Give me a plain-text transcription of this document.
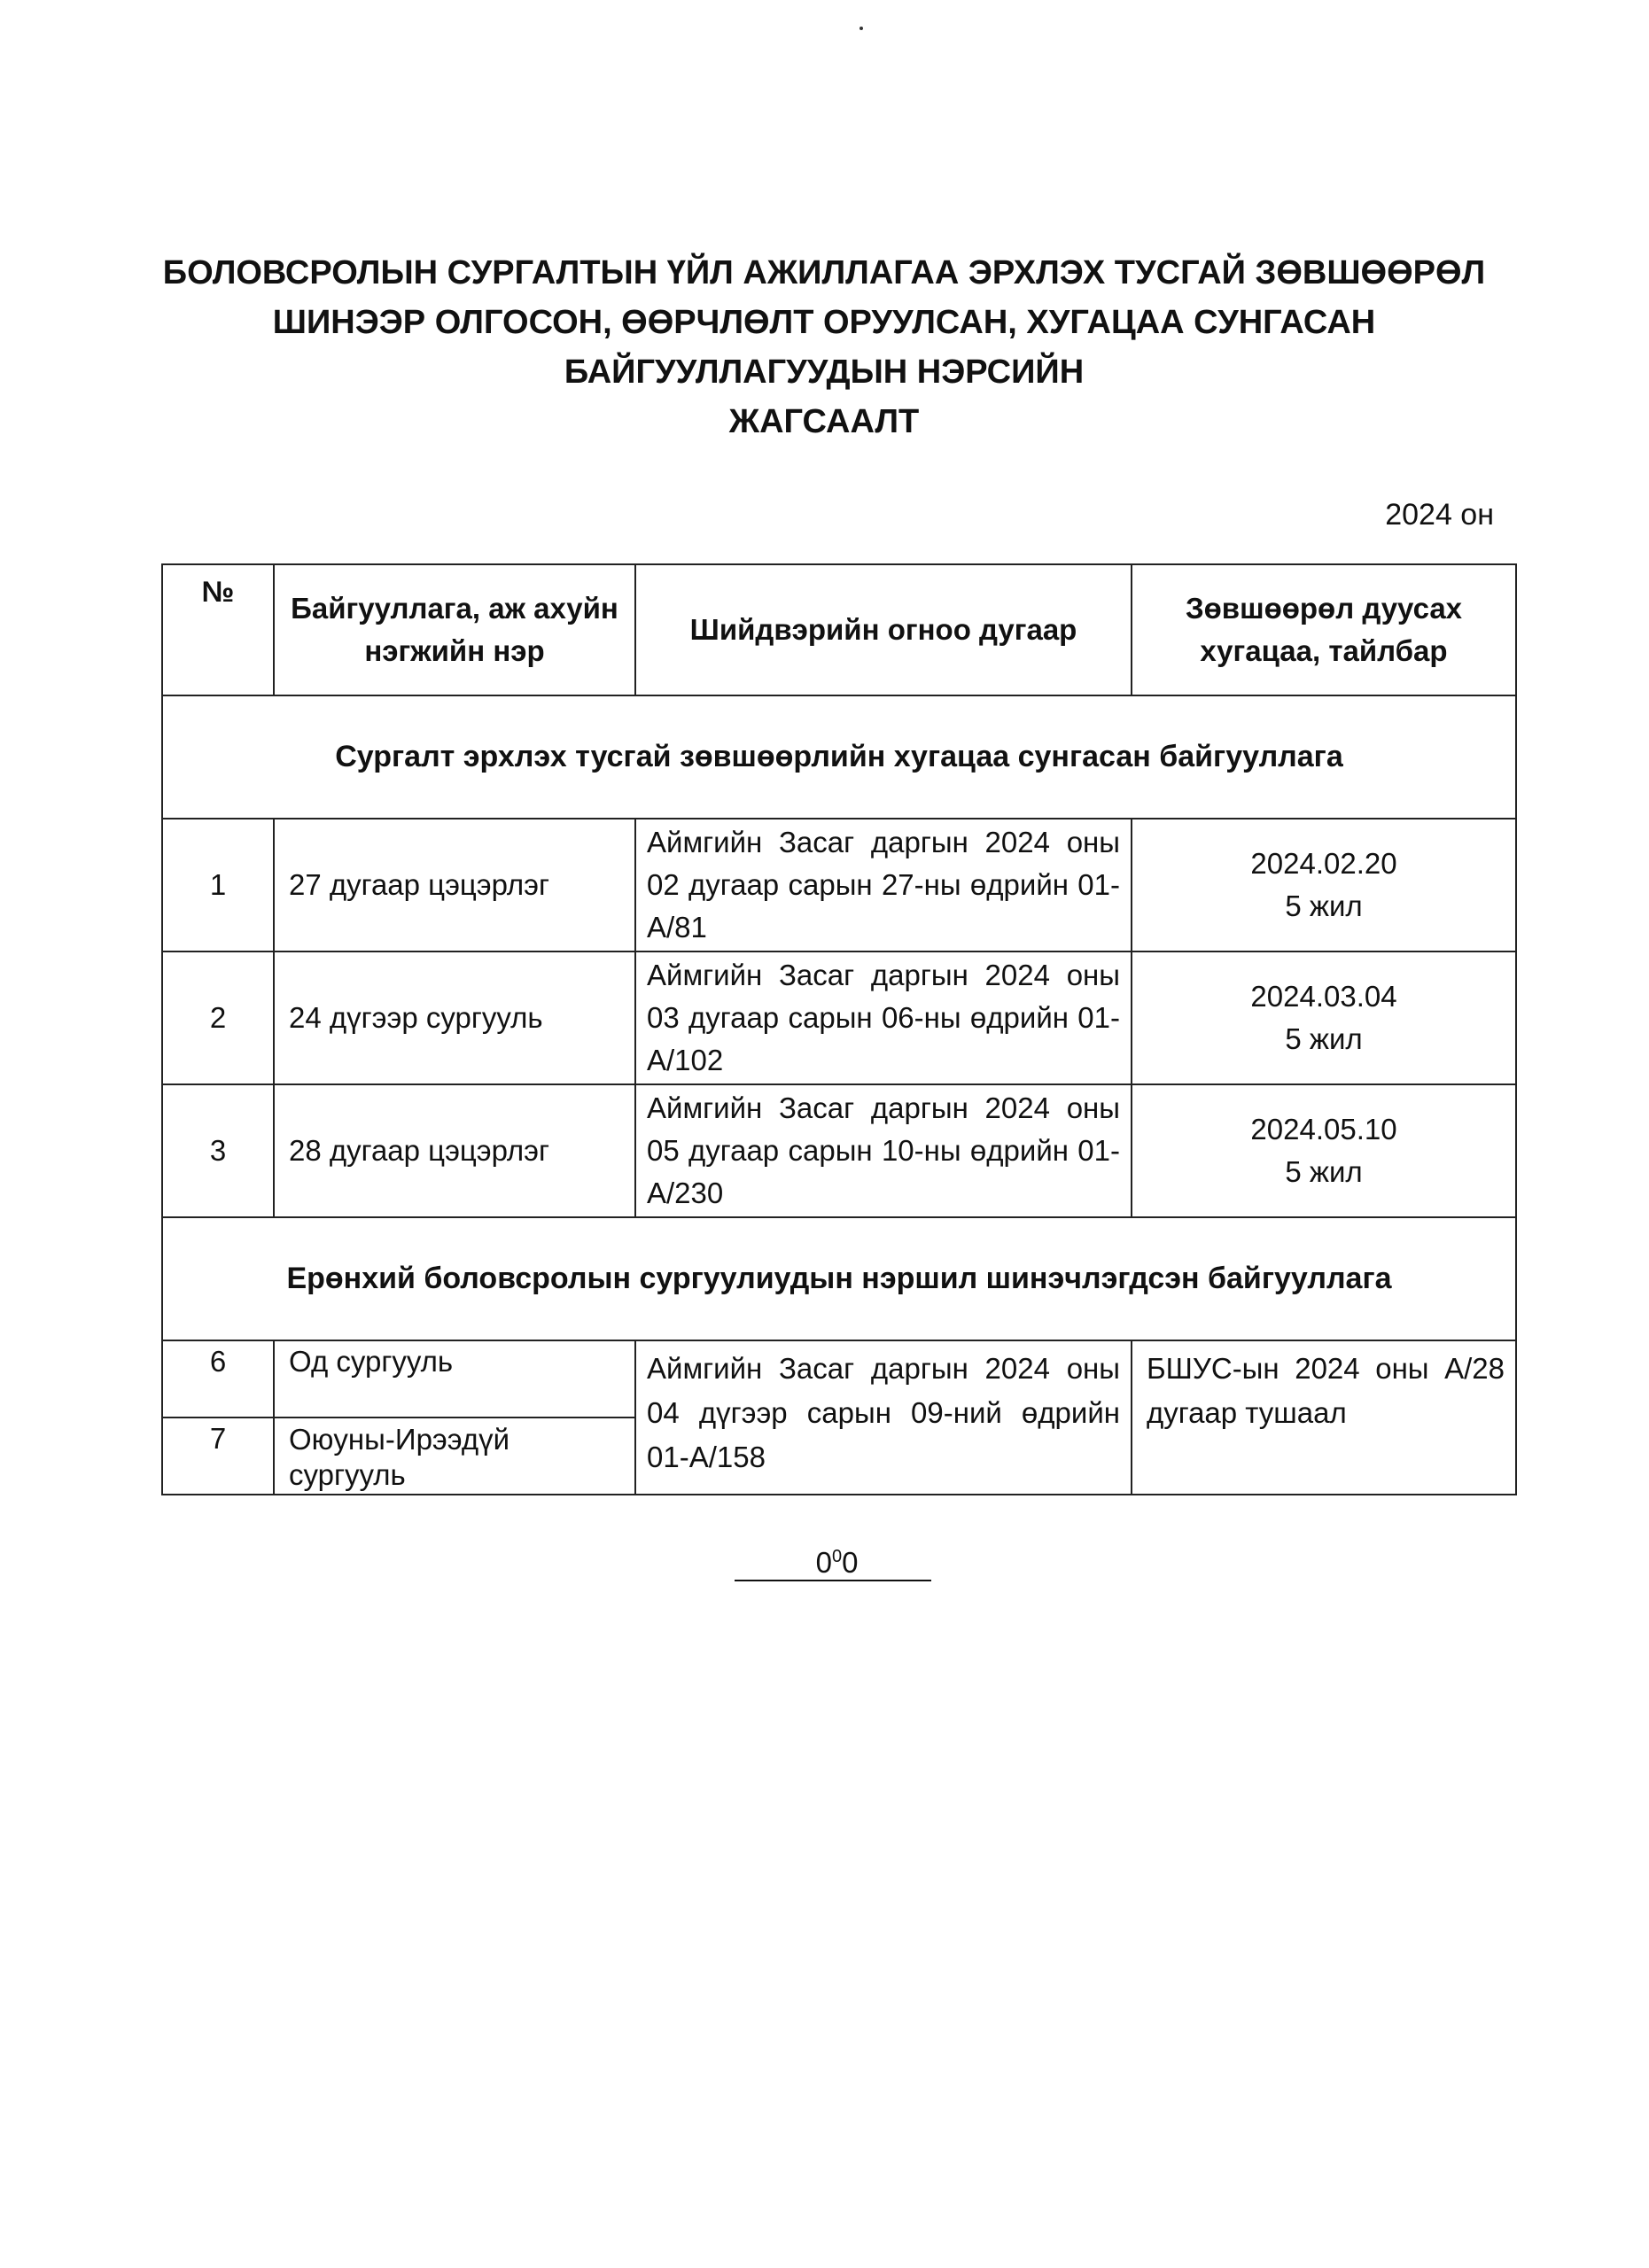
БОЛОВСРОЛЫН СУРГАЛТЫН ҮЙЛ АЖИЛЛАГАА ЭРХЛЭХ ТУСГАЙ ЗӨВШӨӨРӨЛ
ШИНЭЭР ОЛГОСОН, ӨӨРЧЛӨЛТ ОРУУЛСАН, ХУГАЦАА СУНГАСАН
БАЙГУУЛЛАГУУДЫН НЭРСИЙН
ЖАГСААЛТ
2024 он
№	Байгууллага, аж ахуйн нэгжийн нэр	Шийдвэрийн огноо дугаар	Зөвшөөрөл дуусах хугацаа, тайлбар
Сургалт эрхлэх тусгай зөвшөөрлийн хугацаа сунгасан байгууллага			
1	27 дугаар цэцэрлэг	Аймгийн Засаг даргын 2024 оны 02 дугаар сарын 27-ны өдрийн 01-А/81	2024.02.20
5 жил

2	24 дүгээр сургууль	Аймгийн Засаг даргын 2024 оны 03 дугаар сарын 06-ны өдрийн 01-А/102	2024.03.04
5 жил

3	28 дугаар цэцэрлэг	Аймгийн Засаг даргын 2024 оны 05 дугаар сарын 10-ны өдрийн 01-А/230	2024.05.10
5 жил

Ерөнхий боловсролын сургуулиудын нэршил шинэчлэгдсэн байгууллага			
6	Од сургууль	Аймгийн Засаг даргын 2024 оны 04 дүгээр сарын 09-ний өдрийн 01-А/158	БШУС-ын 2024 оны А/28 дугаар тушаал
7	Оюуны-Ирээдүй сургууль		
$0^00$
